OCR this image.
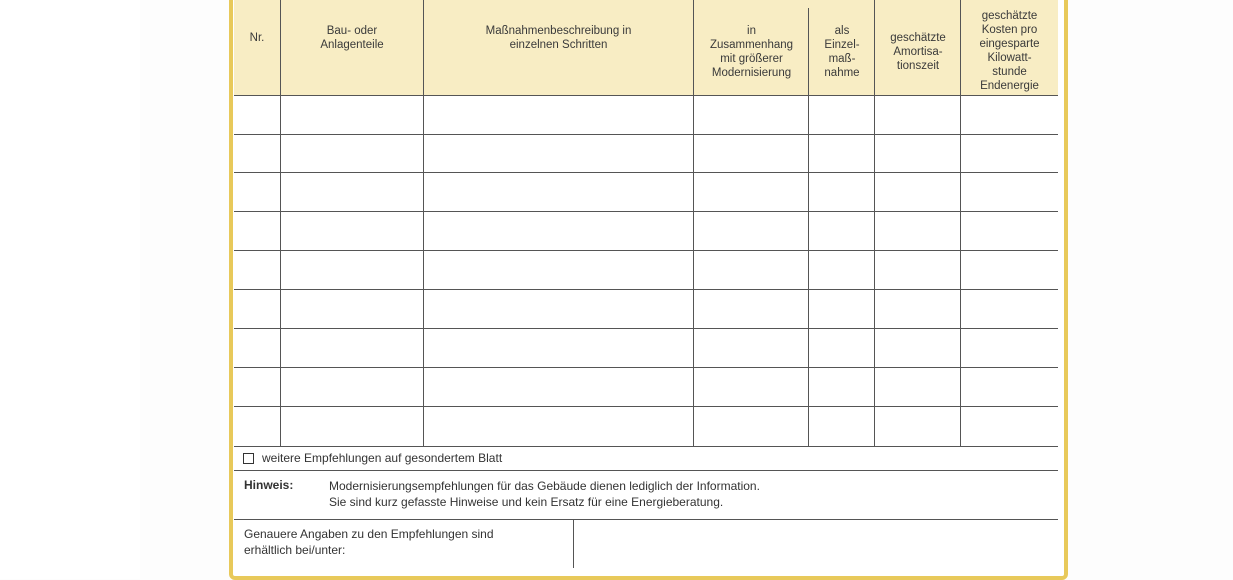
Nr.
Bau- oder
Anlagenteile
Maßnahmenbeschreibung in
einzelnen Schritten
in
Zusammenhang
mit größerer
Modernisierung
als
Einzel-
maß-
nahme
geschätzte
Amortisa-
tionszeit
geschätzte
Kosten pro
eingesparte
Kilowatt-
stunde
Endenergie
weitere Empfehlungen auf gesondertem Blatt
Hinweis:	Modernisierungsempfehlungen für das Gebäude dienen lediglich der Information.
Sie sind kurz gefasste Hinweise und kein Ersatz für eine Energieberatung.
Genauere Angaben zu den Empfehlungen sind
erhältlich bei/unter:
